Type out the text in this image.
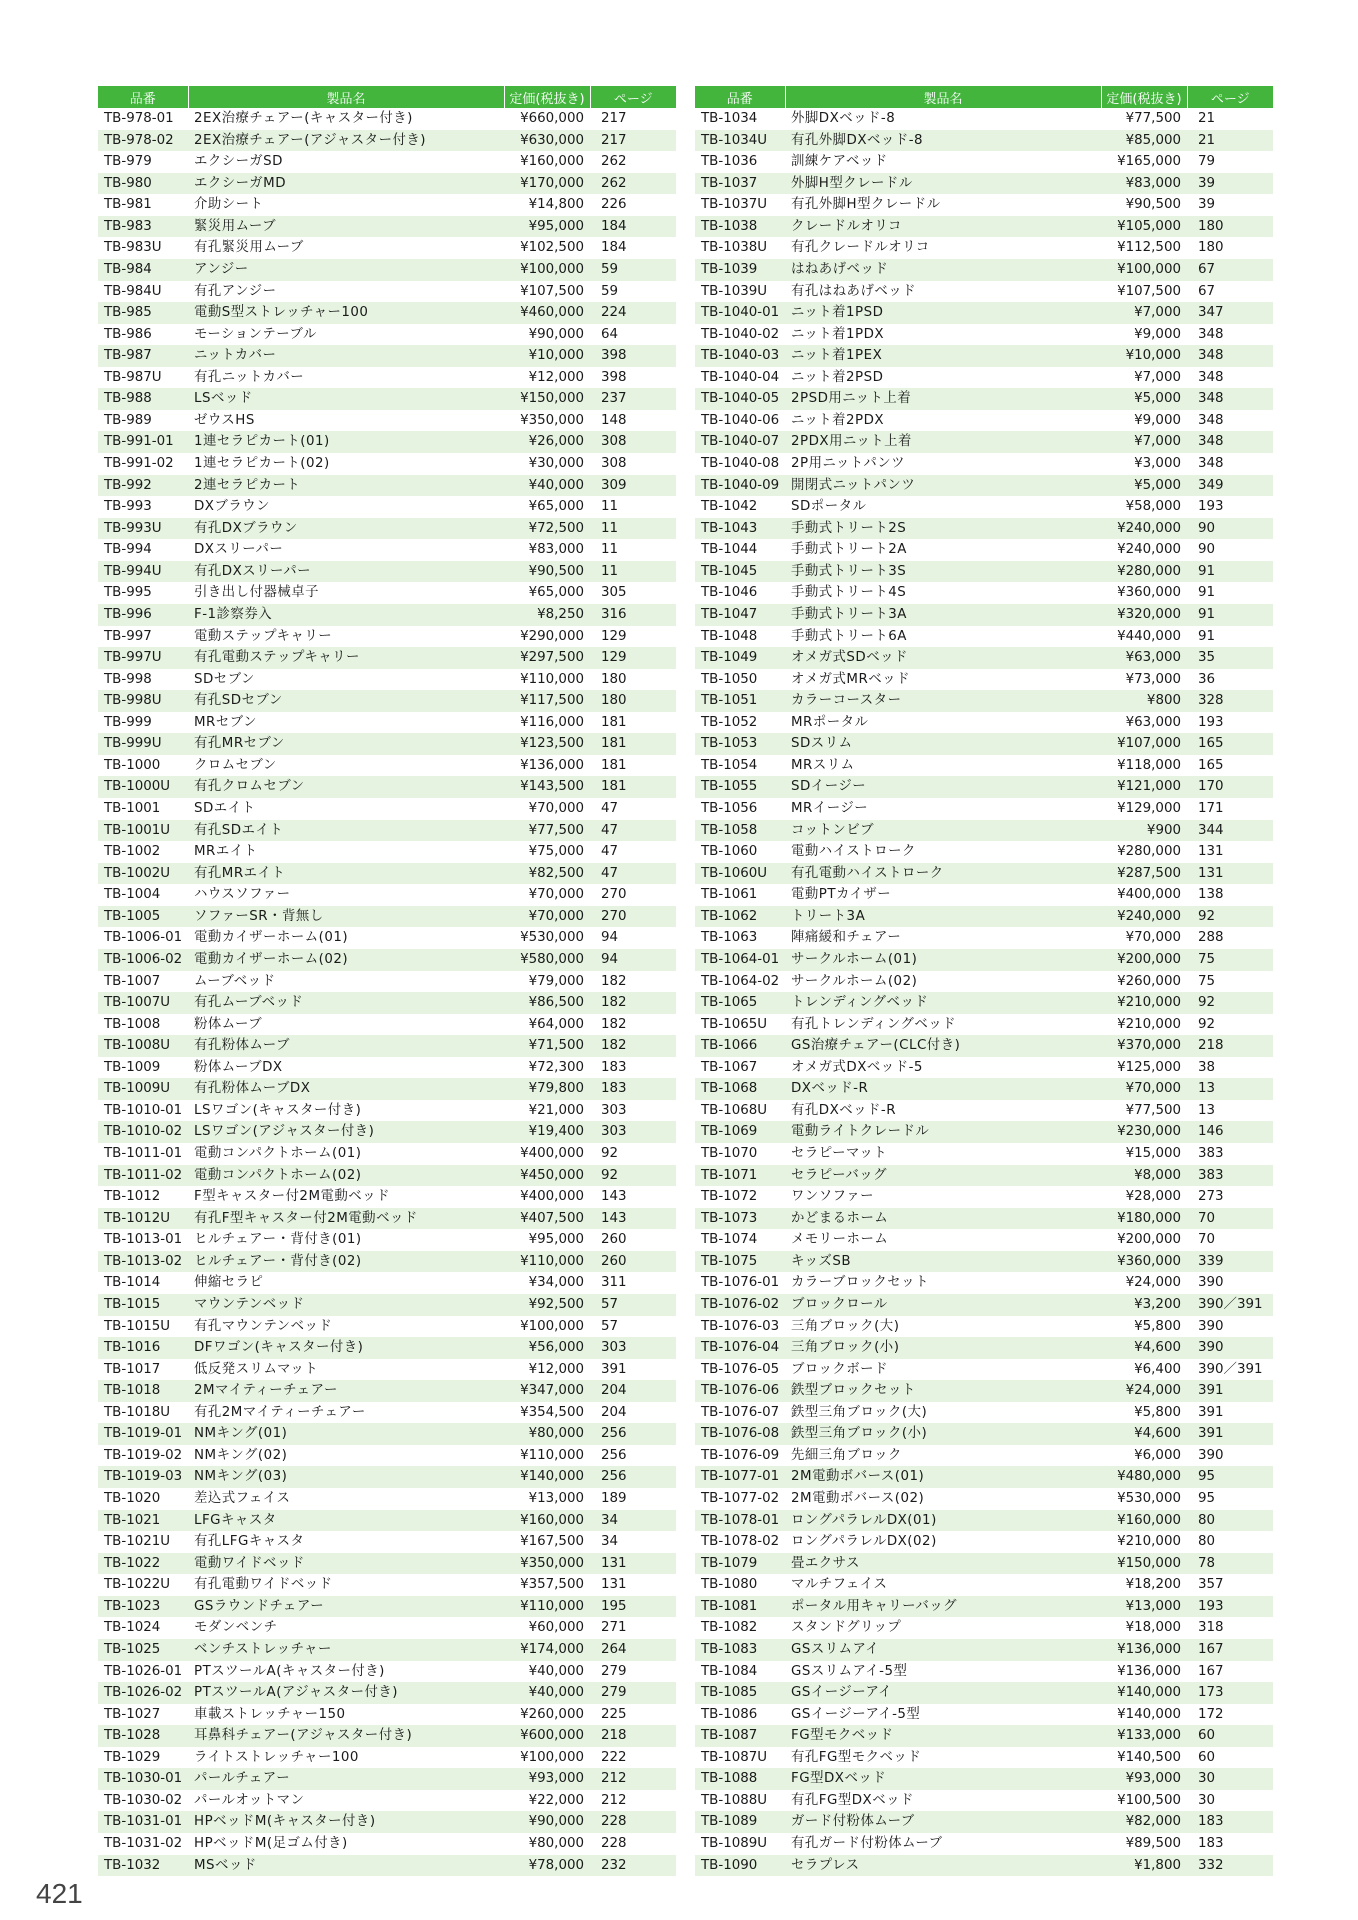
品番	製品名	定価(税抜き)	ページ
TB-978-01	2EX治療チェアー(キャスター付き)	¥660,000	217
TB-978-02	2EX治療チェアー(アジャスター付き)	¥630,000	217
TB-979	エクシーガSD	¥160,000	262
TB-980	エクシーガMD	¥170,000	262
TB-981	介助シート	¥14,800	226
TB-983	緊災用ムーブ	¥95,000	184
TB-983U	有孔緊災用ムーブ	¥102,500	184
TB-984	アンジー	¥100,000	59
TB-984U	有孔アンジー	¥107,500	59
TB-985	電動S型ストレッチャー100	¥460,000	224
TB-986	モーションテーブル	¥90,000	64
TB-987	ニットカバー	¥10,000	398
TB-987U	有孔ニットカバー	¥12,000	398
TB-988	LSベッド	¥150,000	237
TB-989	ゼウスHS	¥350,000	148
TB-991-01	1連セラピカート(01)	¥26,000	308
TB-991-02	1連セラピカート(02)	¥30,000	308
TB-992	2連セラピカート	¥40,000	309
TB-993	DXブラウン	¥65,000	11
TB-993U	有孔DXブラウン	¥72,500	11
TB-994	DXスリーパー	¥83,000	11
TB-994U	有孔DXスリーパー	¥90,500	11
TB-995	引き出し付器械卓子	¥65,000	305
TB-996	F-1診察券入	¥8,250	316
TB-997	電動ステップキャリー	¥290,000	129
TB-997U	有孔電動ステップキャリー	¥297,500	129
TB-998	SDセブン	¥110,000	180
TB-998U	有孔SDセブン	¥117,500	180
TB-999	MRセブン	¥116,000	181
TB-999U	有孔MRセブン	¥123,500	181
TB-1000	クロムセブン	¥136,000	181
TB-1000U	有孔クロムセブン	¥143,500	181
TB-1001	SDエイト	¥70,000	47
TB-1001U	有孔SDエイト	¥77,500	47
TB-1002	MRエイト	¥75,000	47
TB-1002U	有孔MRエイト	¥82,500	47
TB-1004	ハウスソファー	¥70,000	270
TB-1005	ソファーSR・背無し	¥70,000	270
TB-1006-01	電動カイザーホーム(01)	¥530,000	94
TB-1006-02	電動カイザーホーム(02)	¥580,000	94
TB-1007	ムーブベッド	¥79,000	182
TB-1007U	有孔ムーブベッド	¥86,500	182
TB-1008	粉体ムーブ	¥64,000	182
TB-1008U	有孔粉体ムーブ	¥71,500	182
TB-1009	粉体ムーブDX	¥72,300	183
TB-1009U	有孔粉体ムーブDX	¥79,800	183
TB-1010-01	LSワゴン(キャスター付き)	¥21,000	303
TB-1010-02	LSワゴン(アジャスター付き)	¥19,400	303
TB-1011-01	電動コンパクトホーム(01)	¥400,000	92
TB-1011-02	電動コンパクトホーム(02)	¥450,000	92
TB-1012	F型キャスター付2M電動ベッド	¥400,000	143
TB-1012U	有孔F型キャスター付2M電動ベッド	¥407,500	143
TB-1013-01	ヒルチェアー・背付き(01)	¥95,000	260
TB-1013-02	ヒルチェアー・背付き(02)	¥110,000	260
TB-1014	伸縮セラピ	¥34,000	311
TB-1015	マウンテンベッド	¥92,500	57
TB-1015U	有孔マウンテンベッド	¥100,000	57
TB-1016	DFワゴン(キャスター付き)	¥56,000	303
TB-1017	低反発スリムマット	¥12,000	391
TB-1018	2Mマイティーチェアー	¥347,000	204
TB-1018U	有孔2Mマイティーチェアー	¥354,500	204
TB-1019-01	NMキング(01)	¥80,000	256
TB-1019-02	NMキング(02)	¥110,000	256
TB-1019-03	NMキング(03)	¥140,000	256
TB-1020	差込式フェイス	¥13,000	189
TB-1021	LFGキャスタ	¥160,000	34
TB-1021U	有孔LFGキャスタ	¥167,500	34
TB-1022	電動ワイドベッド	¥350,000	131
TB-1022U	有孔電動ワイドベッド	¥357,500	131
TB-1023	GSラウンドチェアー	¥110,000	195
TB-1024	モダンベンチ	¥60,000	271
TB-1025	ベンチストレッチャー	¥174,000	264
TB-1026-01	PTスツールA(キャスター付き)	¥40,000	279
TB-1026-02	PTスツールA(アジャスター付き)	¥40,000	279
TB-1027	車載ストレッチャー150	¥260,000	225
TB-1028	耳鼻科チェアー(アジャスター付き)	¥600,000	218
TB-1029	ライトストレッチャー100	¥100,000	222
TB-1030-01	パールチェアー	¥93,000	212
TB-1030-02	パールオットマン	¥22,000	212
TB-1031-01	HPベッドM(キャスター付き)	¥90,000	228
TB-1031-02	HPベッドM(足ゴム付き)	¥80,000	228
TB-1032	MSベッド	¥78,000	232
品番	製品名	定価(税抜き)	ページ
TB-1034	外脚DXベッド-8	¥77,500	21
TB-1034U	有孔外脚DXベッド-8	¥85,000	21
TB-1036	訓練ケアベッド	¥165,000	79
TB-1037	外脚H型クレードル	¥83,000	39
TB-1037U	有孔外脚H型クレードル	¥90,500	39
TB-1038	クレードルオリコ	¥105,000	180
TB-1038U	有孔クレードルオリコ	¥112,500	180
TB-1039	はねあげベッド	¥100,000	67
TB-1039U	有孔はねあげベッド	¥107,500	67
TB-1040-01	ニット着1PSD	¥7,000	347
TB-1040-02	ニット着1PDX	¥9,000	348
TB-1040-03	ニット着1PEX	¥10,000	348
TB-1040-04	ニット着2PSD	¥7,000	348
TB-1040-05	2PSD用ニット上着	¥5,000	348
TB-1040-06	ニット着2PDX	¥9,000	348
TB-1040-07	2PDX用ニット上着	¥7,000	348
TB-1040-08	2P用ニットパンツ	¥3,000	348
TB-1040-09	開閉式ニットパンツ	¥5,000	349
TB-1042	SDポータル	¥58,000	193
TB-1043	手動式トリート2S	¥240,000	90
TB-1044	手動式トリート2A	¥240,000	90
TB-1045	手動式トリート3S	¥280,000	91
TB-1046	手動式トリート4S	¥360,000	91
TB-1047	手動式トリート3A	¥320,000	91
TB-1048	手動式トリート6A	¥440,000	91
TB-1049	オメガ式SDベッド	¥63,000	35
TB-1050	オメガ式MRベッド	¥73,000	36
TB-1051	カラーコースター	¥800	328
TB-1052	MRポータル	¥63,000	193
TB-1053	SDスリム	¥107,000	165
TB-1054	MRスリム	¥118,000	165
TB-1055	SDイージー	¥121,000	170
TB-1056	MRイージー	¥129,000	171
TB-1058	コットンビブ	¥900	344
TB-1060	電動ハイストローク	¥280,000	131
TB-1060U	有孔電動ハイストローク	¥287,500	131
TB-1061	電動PTカイザー	¥400,000	138
TB-1062	トリート3A	¥240,000	92
TB-1063	陣痛緩和チェアー	¥70,000	288
TB-1064-01	サークルホーム(01)	¥200,000	75
TB-1064-02	サークルホーム(02)	¥260,000	75
TB-1065	トレンディングベッド	¥210,000	92
TB-1065U	有孔トレンディングベッド	¥210,000	92
TB-1066	GS治療チェアー(CLC付き)	¥370,000	218
TB-1067	オメガ式DXベッド-5	¥125,000	38
TB-1068	DXベッド-R	¥70,000	13
TB-1068U	有孔DXベッド-R	¥77,500	13
TB-1069	電動ライトクレードル	¥230,000	146
TB-1070	セラピーマット	¥15,000	383
TB-1071	セラピーバッグ	¥8,000	383
TB-1072	ワンソファー	¥28,000	273
TB-1073	かどまるホーム	¥180,000	70
TB-1074	メモリーホーム	¥200,000	70
TB-1075	キッズSB	¥360,000	339
TB-1076-01	カラーブロックセット	¥24,000	390
TB-1076-02	ブロックロール	¥3,200	390／391
TB-1076-03	三角ブロック(大)	¥5,800	390
TB-1076-04	三角ブロック(小)	¥4,600	390
TB-1076-05	ブロックボード	¥6,400	390／391
TB-1076-06	鉄型ブロックセット	¥24,000	391
TB-1076-07	鉄型三角ブロック(大)	¥5,800	391
TB-1076-08	鉄型三角ブロック(小)	¥4,600	391
TB-1076-09	先細三角ブロック	¥6,000	390
TB-1077-01	2M電動ボバース(01)	¥480,000	95
TB-1077-02	2M電動ボバース(02)	¥530,000	95
TB-1078-01	ロングパラレルDX(01)	¥160,000	80
TB-1078-02	ロングパラレルDX(02)	¥210,000	80
TB-1079	畳エクサス	¥150,000	78
TB-1080	マルチフェイス	¥18,200	357
TB-1081	ポータル用キャリーバッグ	¥13,000	193
TB-1082	スタンドグリップ	¥18,000	318
TB-1083	GSスリムアイ	¥136,000	167
TB-1084	GSスリムアイ-5型	¥136,000	167
TB-1085	GSイージーアイ	¥140,000	173
TB-1086	GSイージーアイ-5型	¥140,000	172
TB-1087	FG型モクベッド	¥133,000	60
TB-1087U	有孔FG型モクベッド	¥140,500	60
TB-1088	FG型DXベッド	¥93,000	30
TB-1088U	有孔FG型DXベッド	¥100,500	30
TB-1089	ガード付粉体ムーブ	¥82,000	183
TB-1089U	有孔ガード付粉体ムーブ	¥89,500	183
TB-1090	セラプレス	¥1,800	332
421
